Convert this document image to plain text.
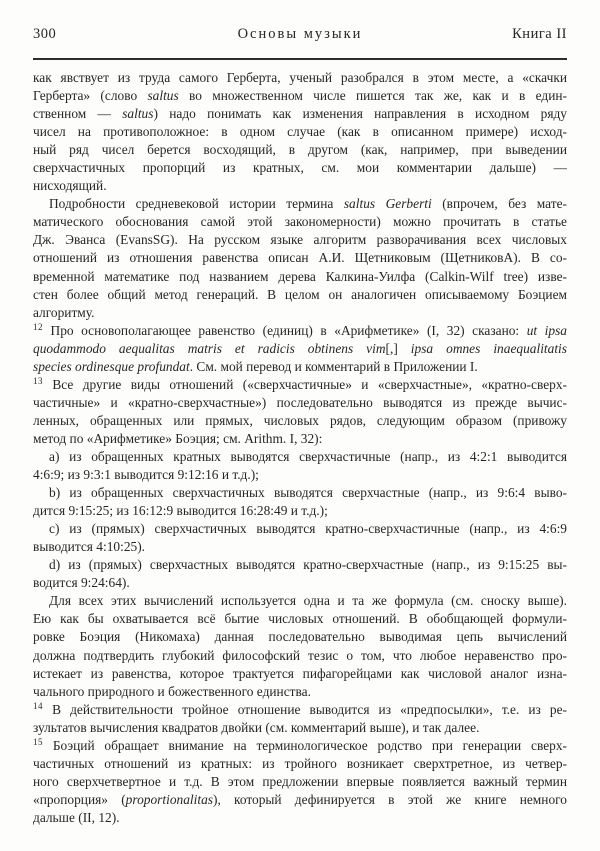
300	Основы музыки	Книга II
как явствует из труда самого Герберта, ученый разобрался в этом месте, а «скачки
Герберта» (слово saltus во множественном числе пишется так же, как и в един-
ственном — saltus) надо понимать как изменения направления в исходном ряду
чисел на противоположное: в одном случае (как в описанном примере) исход-
ный ряд чисел берется восходящий, в другом (как, например, при выведении
сверхчастичных пропорций из кратных, см. мои комментарии дальше) —
нисходящий.
Подробности средневековой истории термина saltus Gerberti (впрочем, без мате-
матического обоснования самой этой закономерности) можно прочитать в статье
Дж. Эванса (EvansSG). На русском языке алгоритм разворачивания всех числовых
отношений из отношения равенства описан А.И. Щетниковым (ЩетниковА). В со-
временной математике под названием дерева Калкина-Уилфа (Calkin-Wilf tree) изве-
стен более общий метод генераций. В целом он аналогичен описываемому Боэцием
алгоритму.
$^{12}$ Про основополагающее равенство (единиц) в «Арифметике» (I, 32) сказано: ut ipsa
quodammodo aequalitas matris et radicis obtinens vim[,] ipsa omnes inaequalitatis
species ordinesque profundat. См. мой перевод и комментарий в Приложении I.
$^{13}$ Все другие виды отношений («сверхчастичные» и «сверхчастные», «кратно-сверх-
частичные» и «кратно-сверхчастные») последовательно выводятся из прежде вычис-
ленных, обращенных или прямых, числовых рядов, следующим образом (привожу
метод по «Арифметике» Боэция; см. Arithm. I, 32):
a) из обращенных кратных выводятся сверхчастичные (напр., из 4:2:1 выводится
4:6:9; из 9:3:1 выводится 9:12:16 и т.д.);
b) из обращенных сверхчастичных выводятся сверхчастные (напр., из 9:6:4 выво-
дится 9:15:25; из 16:12:9 выводится 16:28:49 и т.д.);
c) из (прямых) сверхчастичных выводятся кратно-сверхчастичные (напр., из 4:6:9
выводится 4:10:25).
d) из (прямых) сверхчастных выводятся кратно-сверхчастные (напр., из 9:15:25 вы-
водится 9:24:64).
Для всех этих вычислений используется одна и та же формула (см. сноску выше).
Ею как бы охватывается всё бытие числовых отношений. В обобщающей формули-
ровке Боэция (Никомаха) данная последовательно выводимая цепь вычислений
должна подтвердить глубокий философский тезис о том, что любое неравенство про-
истекает из равенства, которое трактуется пифагорейцами как числовой аналог изна-
чального природного и божественного единства.
$^{14}$ В действительности тройное отношение выводится из «предпосылки», т.е. из ре-
зультатов вычисления квадратов двойки (см. комментарий выше), и так далее.
$^{15}$ Боэций обращает внимание на терминологическое родство при генерации сверх-
частичных отношений из кратных: из тройного возникает сверхтретное, из четвер-
ного сверхчетвертное и т.д. В этом предложении впервые появляется важный термин
«пропорция» (proportionalitas), который дефинируется в этой же книге немного
дальше (II, 12).
